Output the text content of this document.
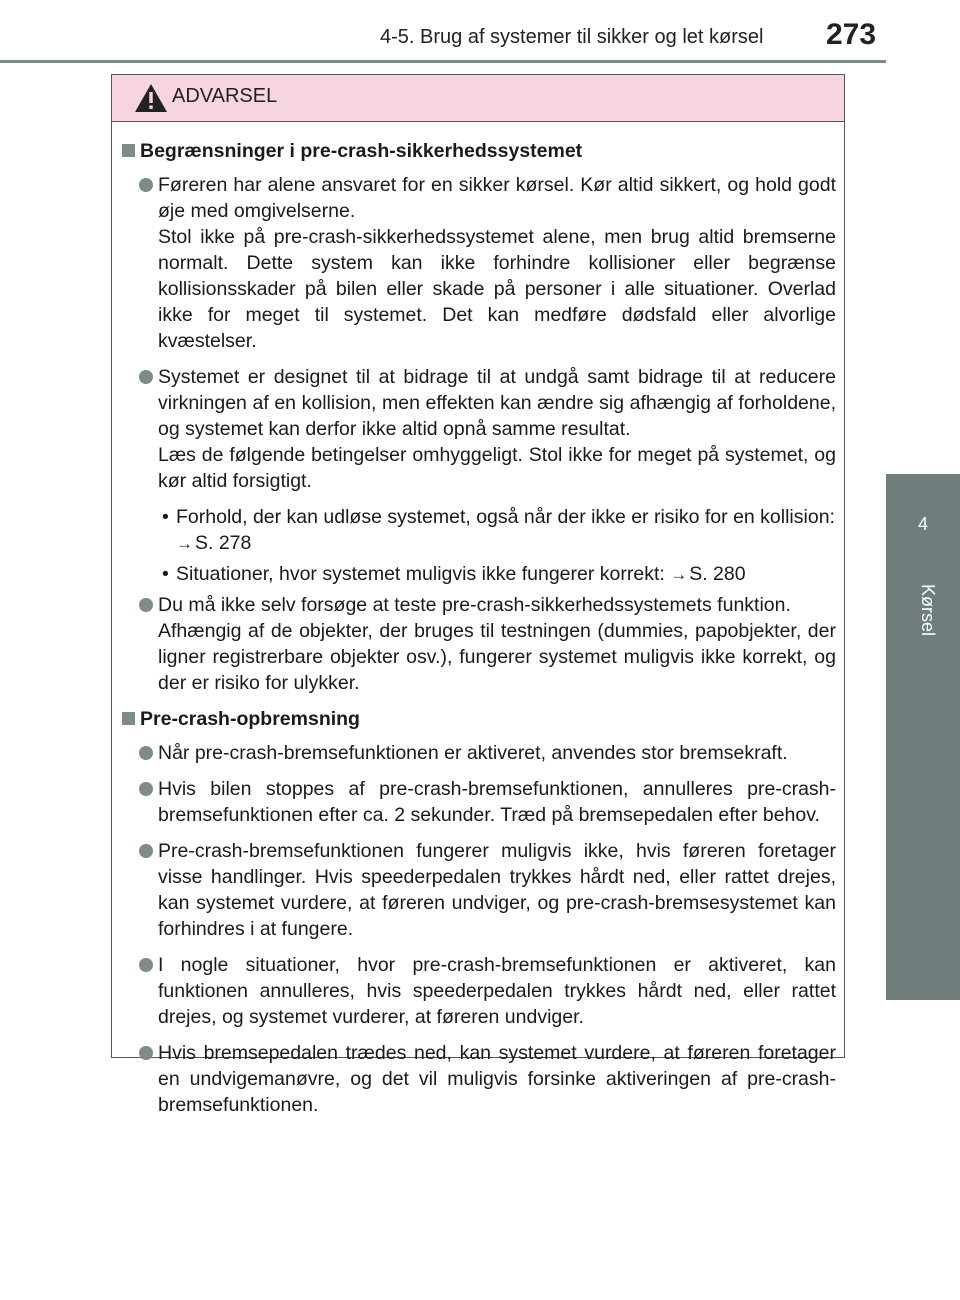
4-5. Brug af systemer til sikker og let kørsel	273
4
Kørsel
ADVARSEL
Begrænsninger i pre-crash-sikkerhedssystemet

Føreren har alene ansvaret for en sikker kørsel. Kør altid sikkert, og hold godt øje med omgivelserne.

Stol ikke på pre-crash-sikkerhedssystemet alene, men brug altid bremserne normalt. Dette system kan ikke forhindre kollisioner eller begrænse kollisionsskader på bilen eller skade på personer i alle situationer. Overlad ikke for meget til systemet. Det kan medføre dødsfald eller alvorlige kvæstelser.

Systemet er designet til at bidrage til at undgå samt bidrage til at reducere virkningen af en kollision, men effekten kan ændre sig afhængig af forholdene, og systemet kan derfor ikke altid opnå samme resultat.

Læs de følgende betingelser omhyggeligt. Stol ikke for meget på systemet, og kør altid forsigtigt.

• Forhold, der kan udløse systemet, også når der ikke er risiko for en kollision: → S. 278
• Situationer, hvor systemet muligvis ikke fungerer korrekt: → S. 280

Du må ikke selv forsøge at teste pre-crash-sikkerhedssystemets funktion.

Afhængig af de objekter, der bruges til testningen (dummies, papobjekter, der ligner registrerbare objekter osv.), fungerer systemet muligvis ikke korrekt, og der er risiko for ulykker.

Pre-crash-opbremsning

Når pre-crash-bremsefunktionen er aktiveret, anvendes stor bremsekraft.

Hvis bilen stoppes af pre-crash-bremsefunktionen, annulleres pre-crash-bremsefunktionen efter ca. 2 sekunder. Træd på bremsepedalen efter behov.

Pre-crash-bremsefunktionen fungerer muligvis ikke, hvis føreren foretager visse handlinger. Hvis speederpedalen trykkes hårdt ned, eller rattet drejes, kan systemet vurdere, at føreren undviger, og pre-crash-bremsesystemet kan forhindres i at fungere.

I nogle situationer, hvor pre-crash-bremsefunktionen er aktiveret, kan funktionen annulleres, hvis speederpedalen trykkes hårdt ned, eller rattet drejes, og systemet vurderer, at føreren undviger.

Hvis bremsepedalen trædes ned, kan systemet vurdere, at føreren foretager en undvigemanøvre, og det vil muligvis forsinke aktiveringen af pre-crash-bremsefunktionen.
